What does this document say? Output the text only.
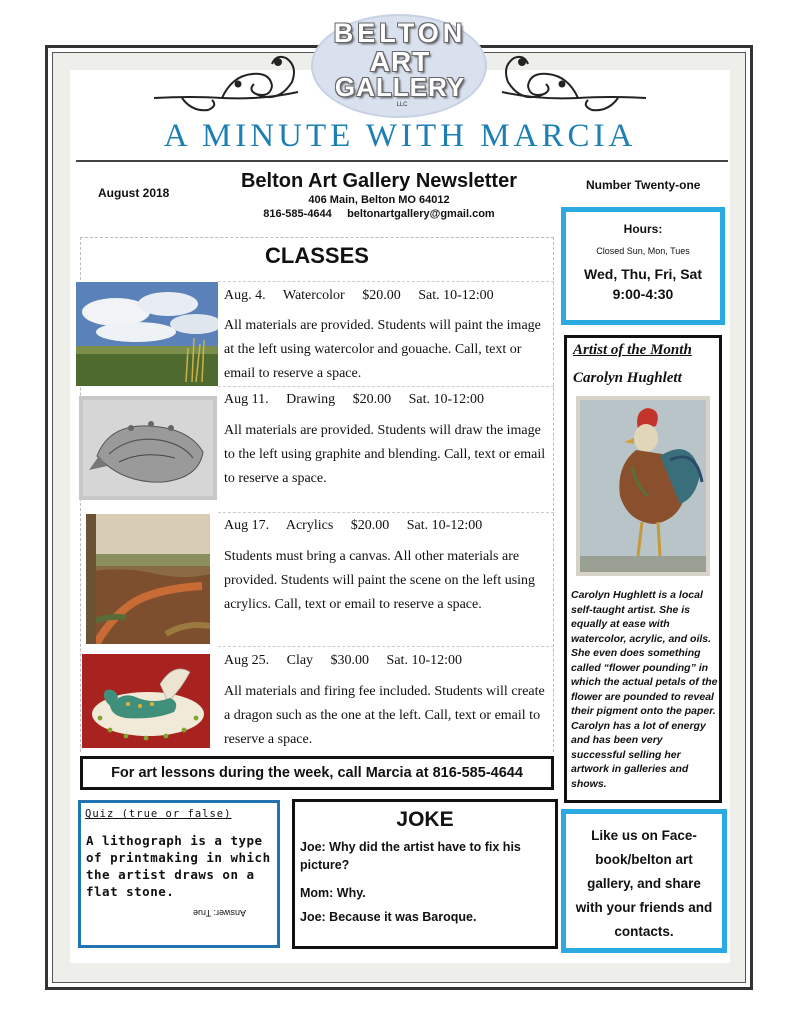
BELTON
ART
GALLERY
LLC
A MINUTE WITH MARCIA
August 2018
Number Twenty-one
Belton Art Gallery Newsletter
406 Main, Belton MO 64012
816-585-4644     beltonartgallery@gmail.com
Hours:
Closed Sun, Mon, Tues
Wed, Thu, Fri, Sat
9:00-4:30
CLASSES
Aug. 4.     Watercolor     $20.00     Sat. 10-12:00
All materials are provided. Students will paint the image at the left using watercolor and gouache. Call, text or email to reserve a space.
Aug 11.     Drawing     $20.00     Sat. 10-12:00
All materials are provided. Students will draw the image to the left using graphite and blending. Call, text or email to reserve a space.
Aug 17.     Acrylics     $20.00     Sat. 10-12:00
Students must bring a canvas. All other materials are provided. Students will paint the scene on the left using acrylics. Call, text or email to reserve a space.
Aug 25.     Clay     $30.00     Sat. 10-12:00
All materials and firing fee included. Students will create a dragon such as the one at the left. Call, text or email to reserve a space.
For art lessons during the week, call Marcia at 816-585-4644
Artist of the Month
Carolyn Hughlett
Carolyn Hughlett is a local self-taught artist. She is equally at ease with watercolor, acrylic, and oils. She even does something called “flower pounding” in which the actual petals of the flower are pounded to reveal their pigment onto the paper. Carolyn has a lot of energy and has been very successful selling her artwork in galleries and shows.
Quiz (true or false)
A lithograph is a type of printmaking in which the artist draws on a flat stone.
Answer: True
JOKE
Joe: Why did the artist have to fix his picture?
Mom: Why.
Joe: Because it was Baroque.
Like us on Face-book/belton art gallery, and share with your friends and contacts.
